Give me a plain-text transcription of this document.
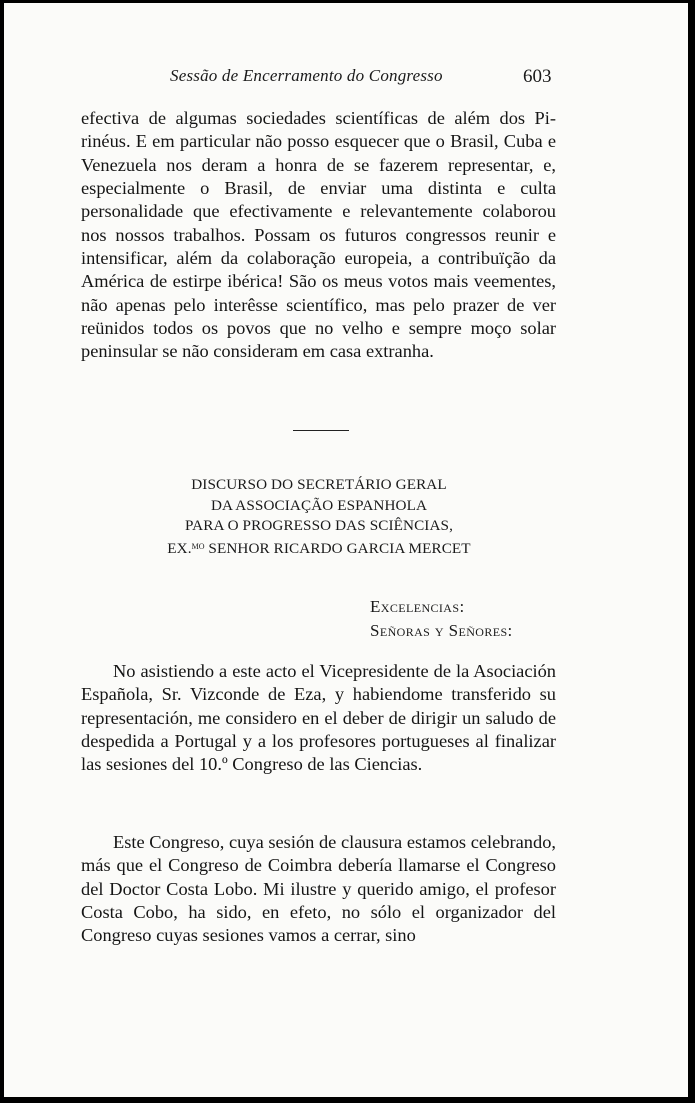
Sessão de Encerramento do Congresso	603

efectiva de algumas sociedades scientíficas de além dos Pirinéus. E em particular não posso esquecer que o Brasil, Cuba e Venezuela nos deram a honra de se fazerem representar, e, especialmente o Brasil, de enviar uma distinta e culta personalidade que efectivamente e relevantemente colaborou nos nossos trabalhos. Possam os futuros congressos reunir e intensificar, além da colaboração europeia, a contribuïção da América de estirpe ibérica! São os meus votos mais veementes, não apenas pelo interêsse scientífico, mas pelo prazer de ver reünidos todos os povos que no velho e sempre moço solar peninsular se não consideram em casa extranha.

DISCURSO DO SECRETÁRIO GERAL
DA ASSOCIAÇÃO ESPANHOLA
PARA O PROGRESSO DAS SCIÊNCIAS,
EX.$^{MO}$ SENHOR RICARDO GARCIA MERCET
Excelencias:
Señoras y Señores:

No asistiendo a este acto el Vicepresidente de la Asociación Española, Sr. Vizconde de Eza, y habiendome transferido su representación, me considero en el deber de dirigir un saludo de despedida a Portugal y a los profesores portugueses al finalizar las sesiones del 10.º Congreso de las Ciencias.

Este Congreso, cuya sesión de clausura estamos celebrando, más que el Congreso de Coimbra debería llamarse el Congreso del Doctor Costa Lobo. Mi ilustre y querido amigo, el profesor Costa Cobo, ha sido, en efeto, no sólo el organizador del Congreso cuyas sesiones vamos a cerrar, sino
